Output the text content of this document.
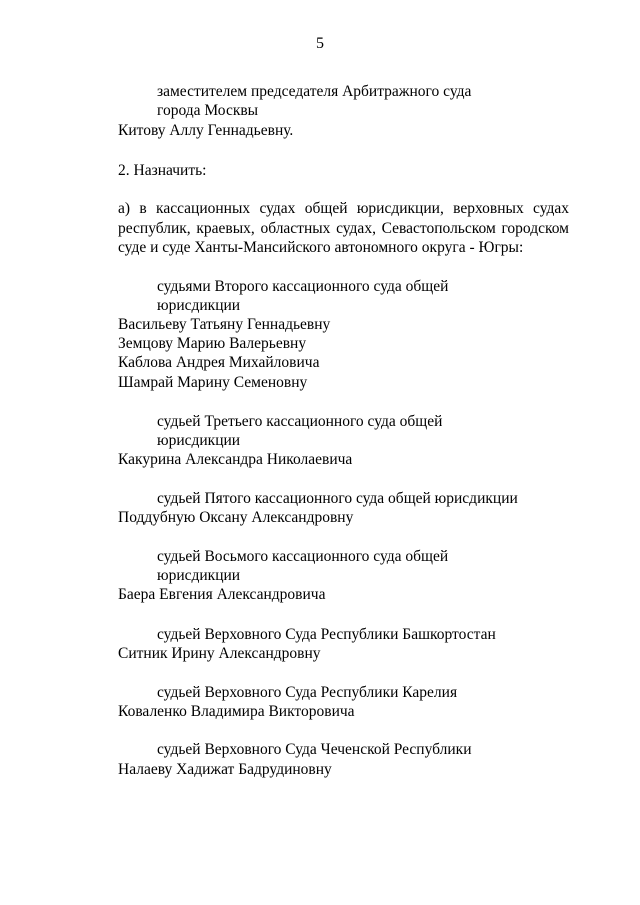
5
заместителем председателя Арбитражного суда
города Москвы
Китову Аллу Геннадьевну.
2. Назначить:
а) в кассационных судах общей юрисдикции, верховных судах
республик, краевых, областных судах, Севастопольском городском
суде и суде Ханты-Мансийского автономного округа - Югры:
судьями Второго кассационного суда общей
юрисдикции
Васильеву Татьяну Геннадьевну
Земцову Марию Валерьевну
Каблова Андрея Михайловича
Шамрай Марину Семеновну
судьей Третьего кассационного суда общей
юрисдикции
Какурина Александра Николаевича
судьей Пятого кассационного суда общей юрисдикции
Поддубную Оксану Александровну
судьей Восьмого кассационного суда общей
юрисдикции
Баера Евгения Александровича
судьей Верховного Суда Республики Башкортостан
Ситник Ирину Александровну
судьей Верховного Суда Республики Карелия
Коваленко Владимира Викторовича
судьей Верховного Суда Чеченской Республики
Налаеву Хадижат Бадрудиновну
